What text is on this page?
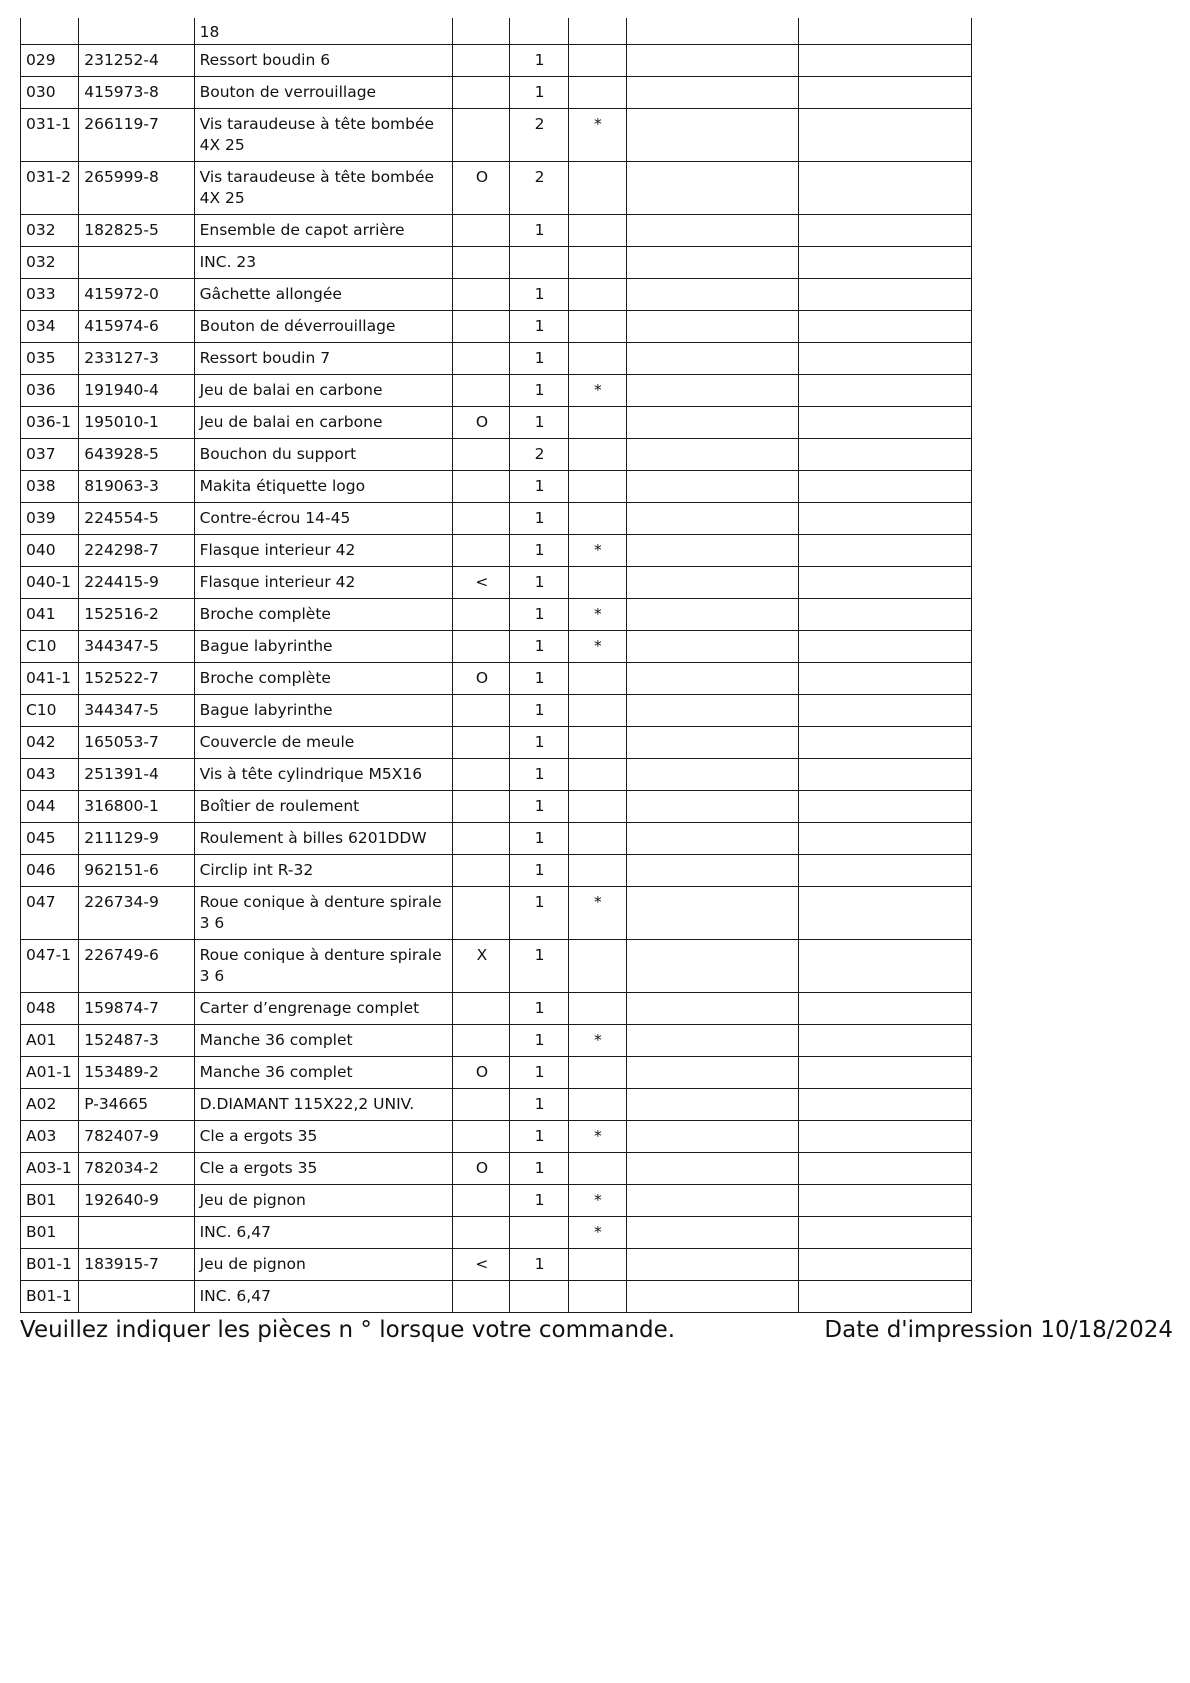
		18					
029	231252-4	Ressort boudin 6		1			
030	415973-8	Bouton de verrouillage		1			
031-1	266119-7	Vis taraudeuse à tête bombée 4X 25		2	*		
031-2	265999-8	Vis taraudeuse à tête bombée 4X 25	O	2			
032	182825-5	Ensemble de capot arrière		1			
032		INC. 23					
033	415972-0	Gâchette allongée		1			
034	415974-6	Bouton de déverrouillage		1			
035	233127-3	Ressort boudin 7		1			
036	191940-4	Jeu de balai en carbone		1	*		
036-1	195010-1	Jeu de balai en carbone	O	1			
037	643928-5	Bouchon du support		2			
038	819063-3	Makita étiquette logo		1			
039	224554-5	Contre-écrou 14-45		1			
040	224298-7	Flasque interieur 42		1	*		
040-1	224415-9	Flasque interieur 42	<	1			
041	152516-2	Broche complète		1	*		
C10	344347-5	Bague labyrinthe		1	*		
041-1	152522-7	Broche complète	O	1			
C10	344347-5	Bague labyrinthe		1			
042	165053-7	Couvercle de meule		1			
043	251391-4	Vis à tête cylindrique M5X16		1			
044	316800-1	Boîtier de roulement		1			
045	211129-9	Roulement à billes 6201DDW		1			
046	962151-6	Circlip int R-32		1			
047	226734-9	Roue conique à denture spirale 3 6		1	*		
047-1	226749-6	Roue conique à denture spirale 3 6	X	1			
048	159874-7	Carter d’engrenage complet		1			
A01	152487-3	Manche 36 complet		1	*		
A01-1	153489-2	Manche 36 complet	O	1			
A02	P-34665	D.DIAMANT 115X22,2 UNIV.		1			
A03	782407-9	Cle a ergots 35		1	*		
A03-1	782034-2	Cle a ergots 35	O	1			
B01	192640-9	Jeu de pignon		1	*		
B01		INC. 6,47			*		
B01-1	183915-7	Jeu de pignon	<	1			
B01-1		INC. 6,47					
Veuillez indiquer les pièces n ° lorsque votre commande.	Date d'impression 10/18/2024
